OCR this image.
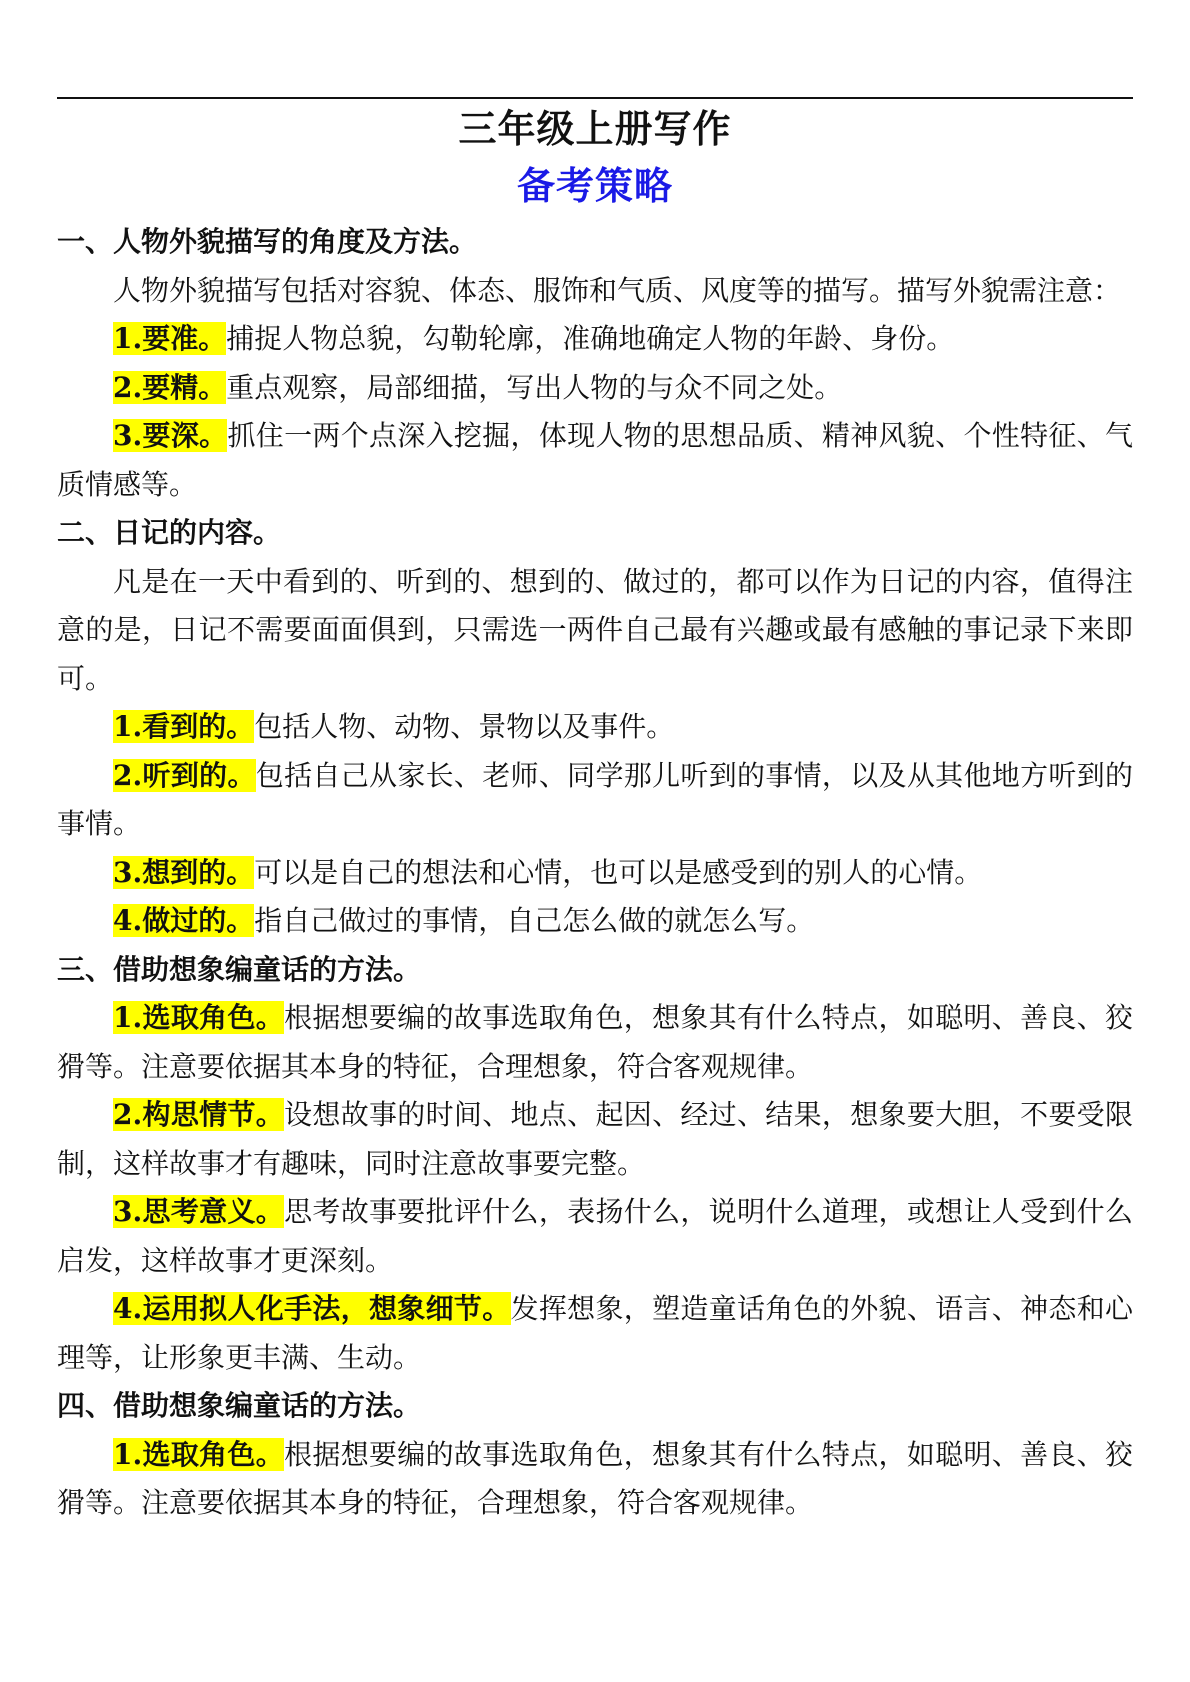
三年级上册写作
备考策略

一、人物外貌描写的角度及方法。

人物外貌描写包括对容貌、体态、服饰和气质、风度等的描写。描写外貌需注意：

1.要准。捕捉人物总貌，勾勒轮廓，准确地确定人物的年龄、身份。

2.要精。重点观察，局部细描，写出人物的与众不同之处。

3.要深。抓住一两个点深入挖掘，体现人物的思想品质、精神风貌、个性特征、气质情感等。

二、日记的内容。

凡是在一天中看到的、听到的、想到的、做过的，都可以作为日记的内容，值得注意的是，日记不需要面面俱到，只需选一两件自己最有兴趣或最有感触的事记录下来即可。

1.看到的。包括人物、动物、景物以及事件。

2.听到的。包括自己从家长、老师、同学那儿听到的事情，以及从其他地方听到的事情。

3.想到的。可以是自己的想法和心情，也可以是感受到的别人的心情。

4.做过的。指自己做过的事情，自己怎么做的就怎么写。

三、借助想象编童话的方法。

1.选取角色。根据想要编的故事选取角色，想象其有什么特点，如聪明、善良、狡猾等。注意要依据其本身的特征，合理想象，符合客观规律。

2.构思情节。设想故事的时间、地点、起因、经过、结果，想象要大胆，不要受限制，这样故事才有趣味，同时注意故事要完整。

3.思考意义。思考故事要批评什么，表扬什么，说明什么道理，或想让人受到什么启发，这样故事才更深刻。

4.运用拟人化手法，想象细节。发挥想象，塑造童话角色的外貌、语言、神态和心理等，让形象更丰满、生动。

四、借助想象编童话的方法。

1.选取角色。根据想要编的故事选取角色，想象其有什么特点，如聪明、善良、狡猾等。注意要依据其本身的特征，合理想象，符合客观规律。
